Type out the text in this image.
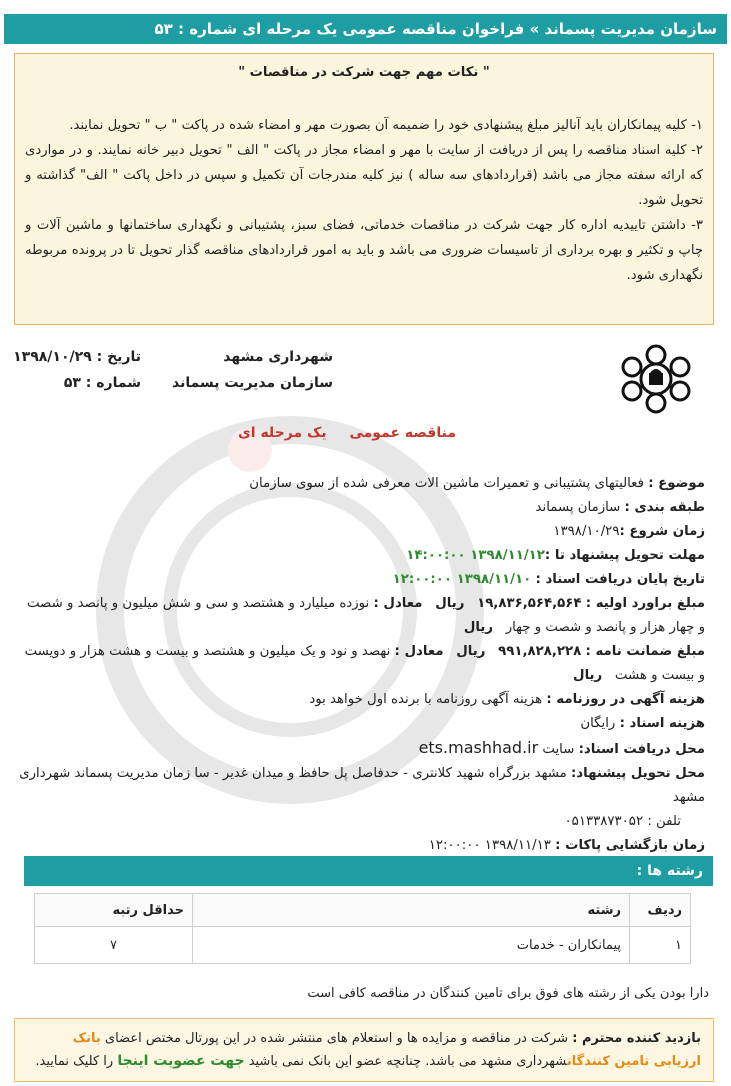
سازمان مدیریت پسماند » فراخوان مناقصه عمومی یک مرحله ای شماره : ۵۳
" نکات مهم جهت شرکت در مناقصات "

۱- کلیه پیمانکاران باید آنالیز مبلغ پیشنهادی خود را ضمیمه آن بصورت مهر و امضاء شده در پاکت " ب " تحویل نمایند.

۲- کلیه اسناد مناقصه را پس از دریافت از سایت با مهر و امضاء مجاز در پاکت " الف " تحویل دبیر خانه نمایند. و در مواردی که ارائه سفته مجاز می باشد (قراردادهای سه ساله ) نیز کلیه مندرجات آن تکمیل و سپس در داخل پاکت " الف" گذاشته و تحویل شود.

۳- داشتن تاییدیه اداره کار جهت شرکت در مناقصات خدماتی، فضای سبز، پشتیبانی و نگهداری ساختمانها و ماشین آلات و چاپ و تکثیر و بهره برداری از تاسیسات ضروری می باشد و باید به امور قراردادهای مناقصه گذار تحویل تا در پرونده مربوطه نگهداری شود.

شهرداری مشهد
سازمان مدیریت پسماند
تاریخ : ۱۳۹۸/۱۰/۲۹
شماره : ۵۳
مناقصه عمومی یک مرحله ای

موضوع : فعالیتهای پشتیبانی و تعمیرات ماشین الات معرفی شده از سوی سازمان

طبقه بندی : سازمان پسماند

زمان شروع :۱۳۹۸/۱۰/۲۹

مهلت تحویل پیشنهاد تا :۱۳۹۸/۱۱/۱۲ ۱۴:۰۰:۰۰

تاریخ پایان دریافت اسناد : ۱۳۹۸/۱۱/۱۰ ۱۲:۰۰:۰۰

مبلغ براورد اولیه : ۱۹,۸۳۶,۵۶۴,۵۶۴   ریال   معادل : نوزده میلیارد و هشتصد و سی و شش میلیون و پانصد و شصت و چهار هزار و پانصد و شصت و چهار   ریال

مبلغ ضمانت نامه : ۹۹۱,۸۲۸,۲۲۸   ریال   معادل : نهصد و نود و یک میلیون و هشتصد و بیست و هشت هزار و دویست و بیست و هشت   ریال

هزینه آگهی در روزنامه : هزینه آگهی روزنامه با برنده اول خواهد بود

هزینه اسناد : رایگان

محل دریافت اسناد: سایت ets.mashhad.ir

محل تحویل پیشنهاد: مشهد بزرگراه شهید کلانتری - حدفاصل پل حافظ و میدان غدیر - سا زمان مدیریت پسماند شهرداری مشهد

تلفن : ۰۵۱۳۳۸۷۳۰۵۲

زمان بازگشایی پاکات : ۱۳۹۸/۱۱/۱۳ ۱۲:۰۰:۰۰

رشته ها :
ردیف	رشته	حداقل رتبه
۱	پیمانکاران - خدمات	۷
دارا بودن یکی از رشته های فوق برای تامین کنندگان در مناقصه کافی است
بازدید کننده محترم : شرکت در مناقصه و مزایده ها و استعلام های منتشر شده در این پورتال مختص اعضای بانک ارزیابی تامین کنندگانشهرداری مشهد می باشد. چنانچه عضو این بانک نمی باشید جهت عضویت اینجا را کلیک نمایید.
